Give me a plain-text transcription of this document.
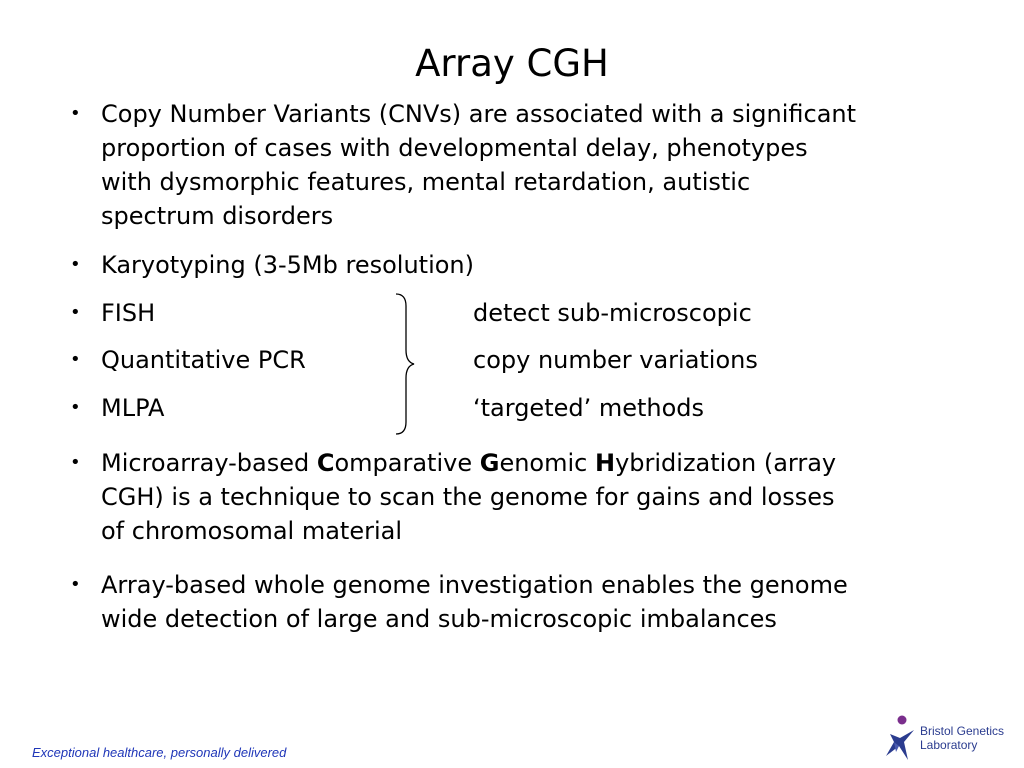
Array CGH
• Copy Number Variants (CNVs) are associated with a significant
proportion of cases with developmental delay, phenotypes
with dysmorphic features, mental retardation, autistic
spectrum disorders
• Karyotyping (3-5Mb resolution)
• FISH	detect sub-microscopic
• Quantitative PCR	copy number variations
• MLPA	‘targeted’ methods
• Microarray-based Comparative Genomic Hybridization (array
CGH) is a technique to scan the genome for gains and losses
of chromosomal material
• Array-based whole genome investigation enables the genome
wide detection of large and sub-microscopic imbalances
Exceptional healthcare, personally delivered
Bristol Genetics
Laboratory
